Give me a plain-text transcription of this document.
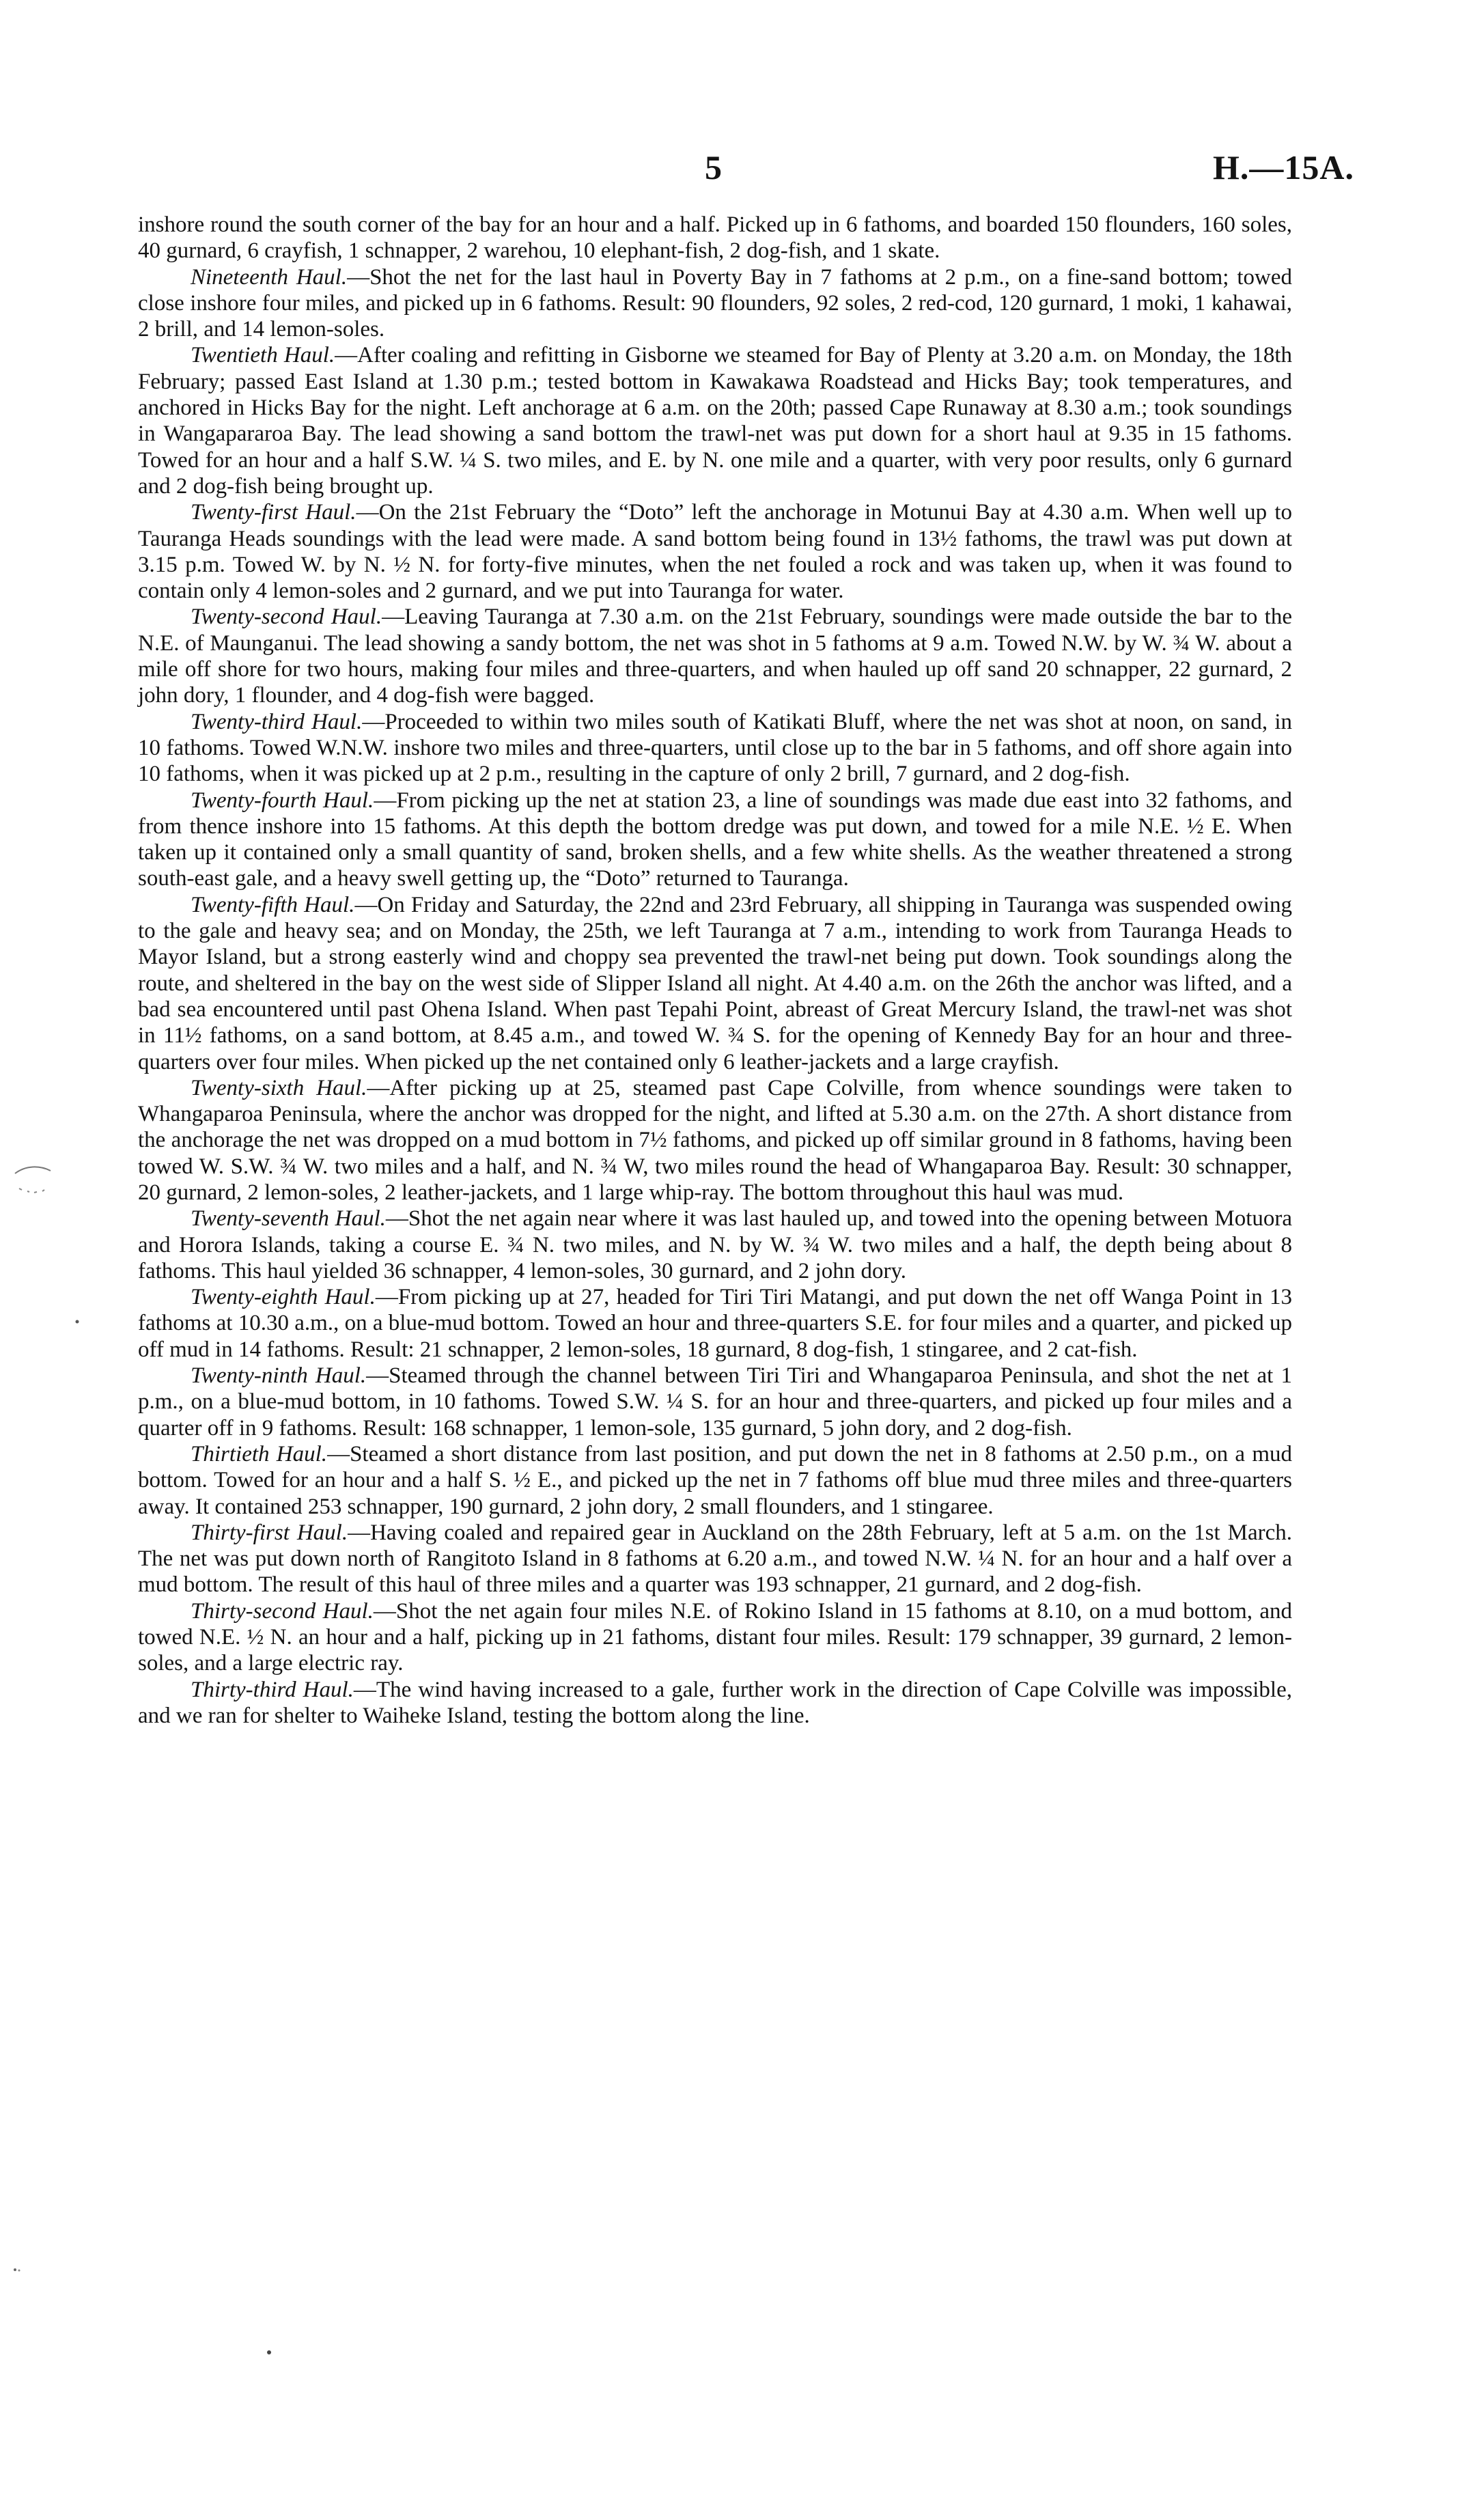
5	H.—15A.

inshore round the south corner of the bay for an hour and a half. Picked up in 6 fathoms, and boarded 150 flounders, 160 soles, 40 gurnard, 6 crayfish, 1 schnapper, 2 warehou, 10 elephant-fish, 2 dog-fish, and 1 skate.

Nineteenth Haul.—Shot the net for the last haul in Poverty Bay in 7 fathoms at 2 p.m., on a fine-sand bottom; towed close inshore four miles, and picked up in 6 fathoms. Result: 90 flounders, 92 soles, 2 red-cod, 120 gurnard, 1 moki, 1 kahawai, 2 brill, and 14 lemon-soles.

Twentieth Haul.—After coaling and refitting in Gisborne we steamed for Bay of Plenty at 3.20 a.m. on Monday, the 18th February; passed East Island at 1.30 p.m.; tested bottom in Kawakawa Roadstead and Hicks Bay; took temperatures, and anchored in Hicks Bay for the night. Left anchorage at 6 a.m. on the 20th; passed Cape Runaway at 8.30 a.m.; took soundings in Wangapararoa Bay. The lead showing a sand bottom the trawl-net was put down for a short haul at 9.35 in 15 fathoms. Towed for an hour and a half S.W. ¼ S. two miles, and E. by N. one mile and a quarter, with very poor results, only 6 gurnard and 2 dog-fish being brought up.

Twenty-first Haul.—On the 21st February the “Doto” left the anchorage in Motunui Bay at 4.30 a.m. When well up to Tauranga Heads soundings with the lead were made. A sand bottom being found in 13½ fathoms, the trawl was put down at 3.15 p.m. Towed W. by N. ½ N. for forty-five minutes, when the net fouled a rock and was taken up, when it was found to contain only 4 lemon-soles and 2 gurnard, and we put into Tauranga for water.

Twenty-second Haul.—Leaving Tauranga at 7.30 a.m. on the 21st February, soundings were made outside the bar to the N.E. of Maunganui. The lead showing a sandy bottom, the net was shot in 5 fathoms at 9 a.m. Towed N.W. by W. ¾ W. about a mile off shore for two hours, making four miles and three-quarters, and when hauled up off sand 20 schnapper, 22 gurnard, 2 john dory, 1 flounder, and 4 dog-fish were bagged.

Twenty-third Haul.—Proceeded to within two miles south of Katikati Bluff, where the net was shot at noon, on sand, in 10 fathoms. Towed W.N.W. inshore two miles and three-quarters, until close up to the bar in 5 fathoms, and off shore again into 10 fathoms, when it was picked up at 2 p.m., resulting in the capture of only 2 brill, 7 gurnard, and 2 dog-fish.

Twenty-fourth Haul.—From picking up the net at station 23, a line of soundings was made due east into 32 fathoms, and from thence inshore into 15 fathoms. At this depth the bottom dredge was put down, and towed for a mile N.E. ½ E. When taken up it contained only a small quantity of sand, broken shells, and a few white shells. As the weather threatened a strong south-east gale, and a heavy swell getting up, the “Doto” returned to Tauranga.

Twenty-fifth Haul.—On Friday and Saturday, the 22nd and 23rd February, all shipping in Tauranga was suspended owing to the gale and heavy sea; and on Monday, the 25th, we left Tauranga at 7 a.m., intending to work from Tauranga Heads to Mayor Island, but a strong easterly wind and choppy sea prevented the trawl-net being put down. Took soundings along the route, and sheltered in the bay on the west side of Slipper Island all night. At 4.40 a.m. on the 26th the anchor was lifted, and a bad sea encountered until past Ohena Island. When past Tepahi Point, abreast of Great Mercury Island, the trawl-net was shot in 11½ fathoms, on a sand bottom, at 8.45 a.m., and towed W. ¾ S. for the opening of Kennedy Bay for an hour and three-quarters over four miles. When picked up the net contained only 6 leather-jackets and a large crayfish.

Twenty-sixth Haul.—After picking up at 25, steamed past Cape Colville, from whence soundings were taken to Whangaparoa Peninsula, where the anchor was dropped for the night, and lifted at 5.30 a.m. on the 27th. A short distance from the anchorage the net was dropped on a mud bottom in 7½ fathoms, and picked up off similar ground in 8 fathoms, having been towed W. S.W. ¾ W. two miles and a half, and N. ¾ W, two miles round the head of Whangaparoa Bay. Result: 30 schnapper, 20 gurnard, 2 lemon-soles, 2 leather-jackets, and 1 large whip-ray. The bottom throughout this haul was mud.

Twenty-seventh Haul.—Shot the net again near where it was last hauled up, and towed into the opening between Motuora and Horora Islands, taking a course E. ¾ N. two miles, and N. by W. ¾ W. two miles and a half, the depth being about 8 fathoms. This haul yielded 36 schnapper, 4 lemon-soles, 30 gurnard, and 2 john dory.

Twenty-eighth Haul.—From picking up at 27, headed for Tiri Tiri Matangi, and put down the net off Wanga Point in 13 fathoms at 10.30 a.m., on a blue-mud bottom. Towed an hour and three-quarters S.E. for four miles and a quarter, and picked up off mud in 14 fathoms. Result: 21 schnapper, 2 lemon-soles, 18 gurnard, 8 dog-fish, 1 stingaree, and 2 cat-fish.

Twenty-ninth Haul.—Steamed through the channel between Tiri Tiri and Whangaparoa Peninsula, and shot the net at 1 p.m., on a blue-mud bottom, in 10 fathoms. Towed S.W. ¼ S. for an hour and three-quarters, and picked up four miles and a quarter off in 9 fathoms. Result: 168 schnapper, 1 lemon-sole, 135 gurnard, 5 john dory, and 2 dog-fish.

Thirtieth Haul.—Steamed a short distance from last position, and put down the net in 8 fathoms at 2.50 p.m., on a mud bottom. Towed for an hour and a half S. ½ E., and picked up the net in 7 fathoms off blue mud three miles and three-quarters away. It contained 253 schnapper, 190 gurnard, 2 john dory, 2 small flounders, and 1 stingaree.

Thirty-first Haul.—Having coaled and repaired gear in Auckland on the 28th February, left at 5 a.m. on the 1st March. The net was put down north of Rangitoto Island in 8 fathoms at 6.20 a.m., and towed N.W. ¼ N. for an hour and a half over a mud bottom. The result of this haul of three miles and a quarter was 193 schnapper, 21 gurnard, and 2 dog-fish.

Thirty-second Haul.—Shot the net again four miles N.E. of Rokino Island in 15 fathoms at 8.10, on a mud bottom, and towed N.E. ½ N. an hour and a half, picking up in 21 fathoms, distant four miles. Result: 179 schnapper, 39 gurnard, 2 lemon-soles, and a large electric ray.

Thirty-third Haul.—The wind having increased to a gale, further work in the direction of Cape Colville was impossible, and we ran for shelter to Waiheke Island, testing the bottom along the line.
